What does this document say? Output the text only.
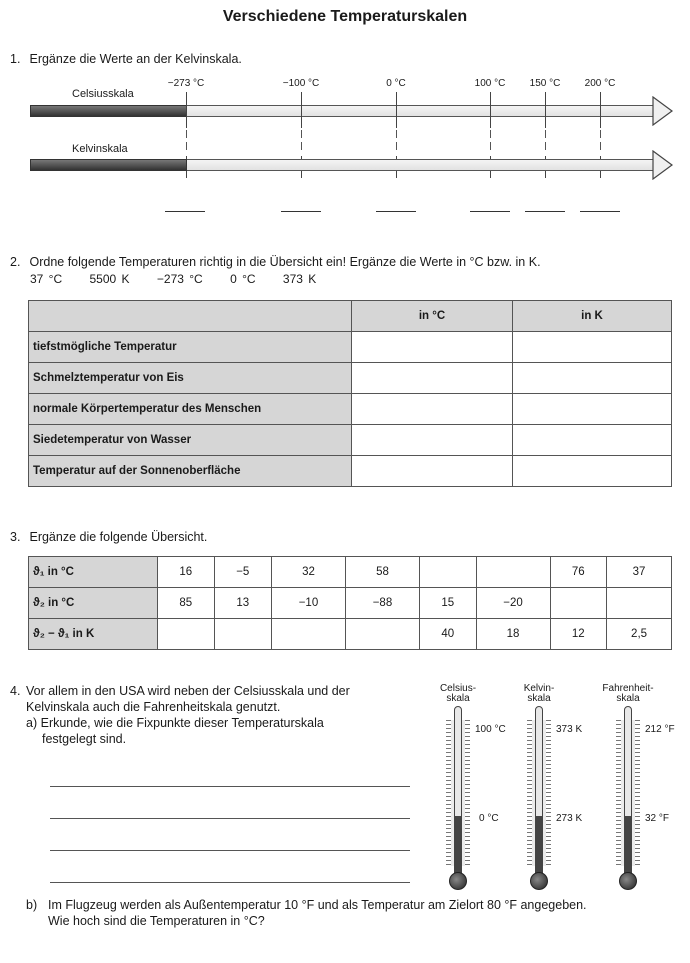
Verschiedene Temperaturskalen
1. Ergänze die Werte an der Kelvinskala.
Celsiusskala
−273 °C	−100 °C	0 °C	100 °C 150 °C 200 °C
Kelvinskala
2. Ordne folgende Temperaturen richtig in die Übersicht ein! Ergänze die Werte in °C bzw. in K.
37 °C 5500 K −273 °C 0 °C 373 K
	in °C	in K
tiefstmögliche Temperatur		
Schmelztemperatur von Eis		
normale Körpertemperatur des Menschen		
Siedetemperatur von Wasser		
Temperatur auf der Sonnenoberfläche		
3. Ergänze die folgende Übersicht.
ϑ₁ in °C	16	−5	32	58			76	37
ϑ₂ in °C	85	13	−10	−88	15	−20		
ϑ₂ − ϑ₁ in K					40	18	12	2,5
4. Vor allem in den USA wird neben der Celsiusskala und der
Kelvinskala auch die Fahrenheitskala genutzt.
a) Erkunde, wie die Fixpunkte dieser Temperaturskala
festgelegt sind.
Celsius-
skala
Kelvin-
skala
Fahrenheit-
skala
100 °C
0 °C
373 K
273 K
212 °F
32 °F
b) Im Flugzeug werden als Außentemperatur 10 °F und als Temperatur am Zielort 80 °F angegeben.
Wie hoch sind die Temperaturen in °C?
